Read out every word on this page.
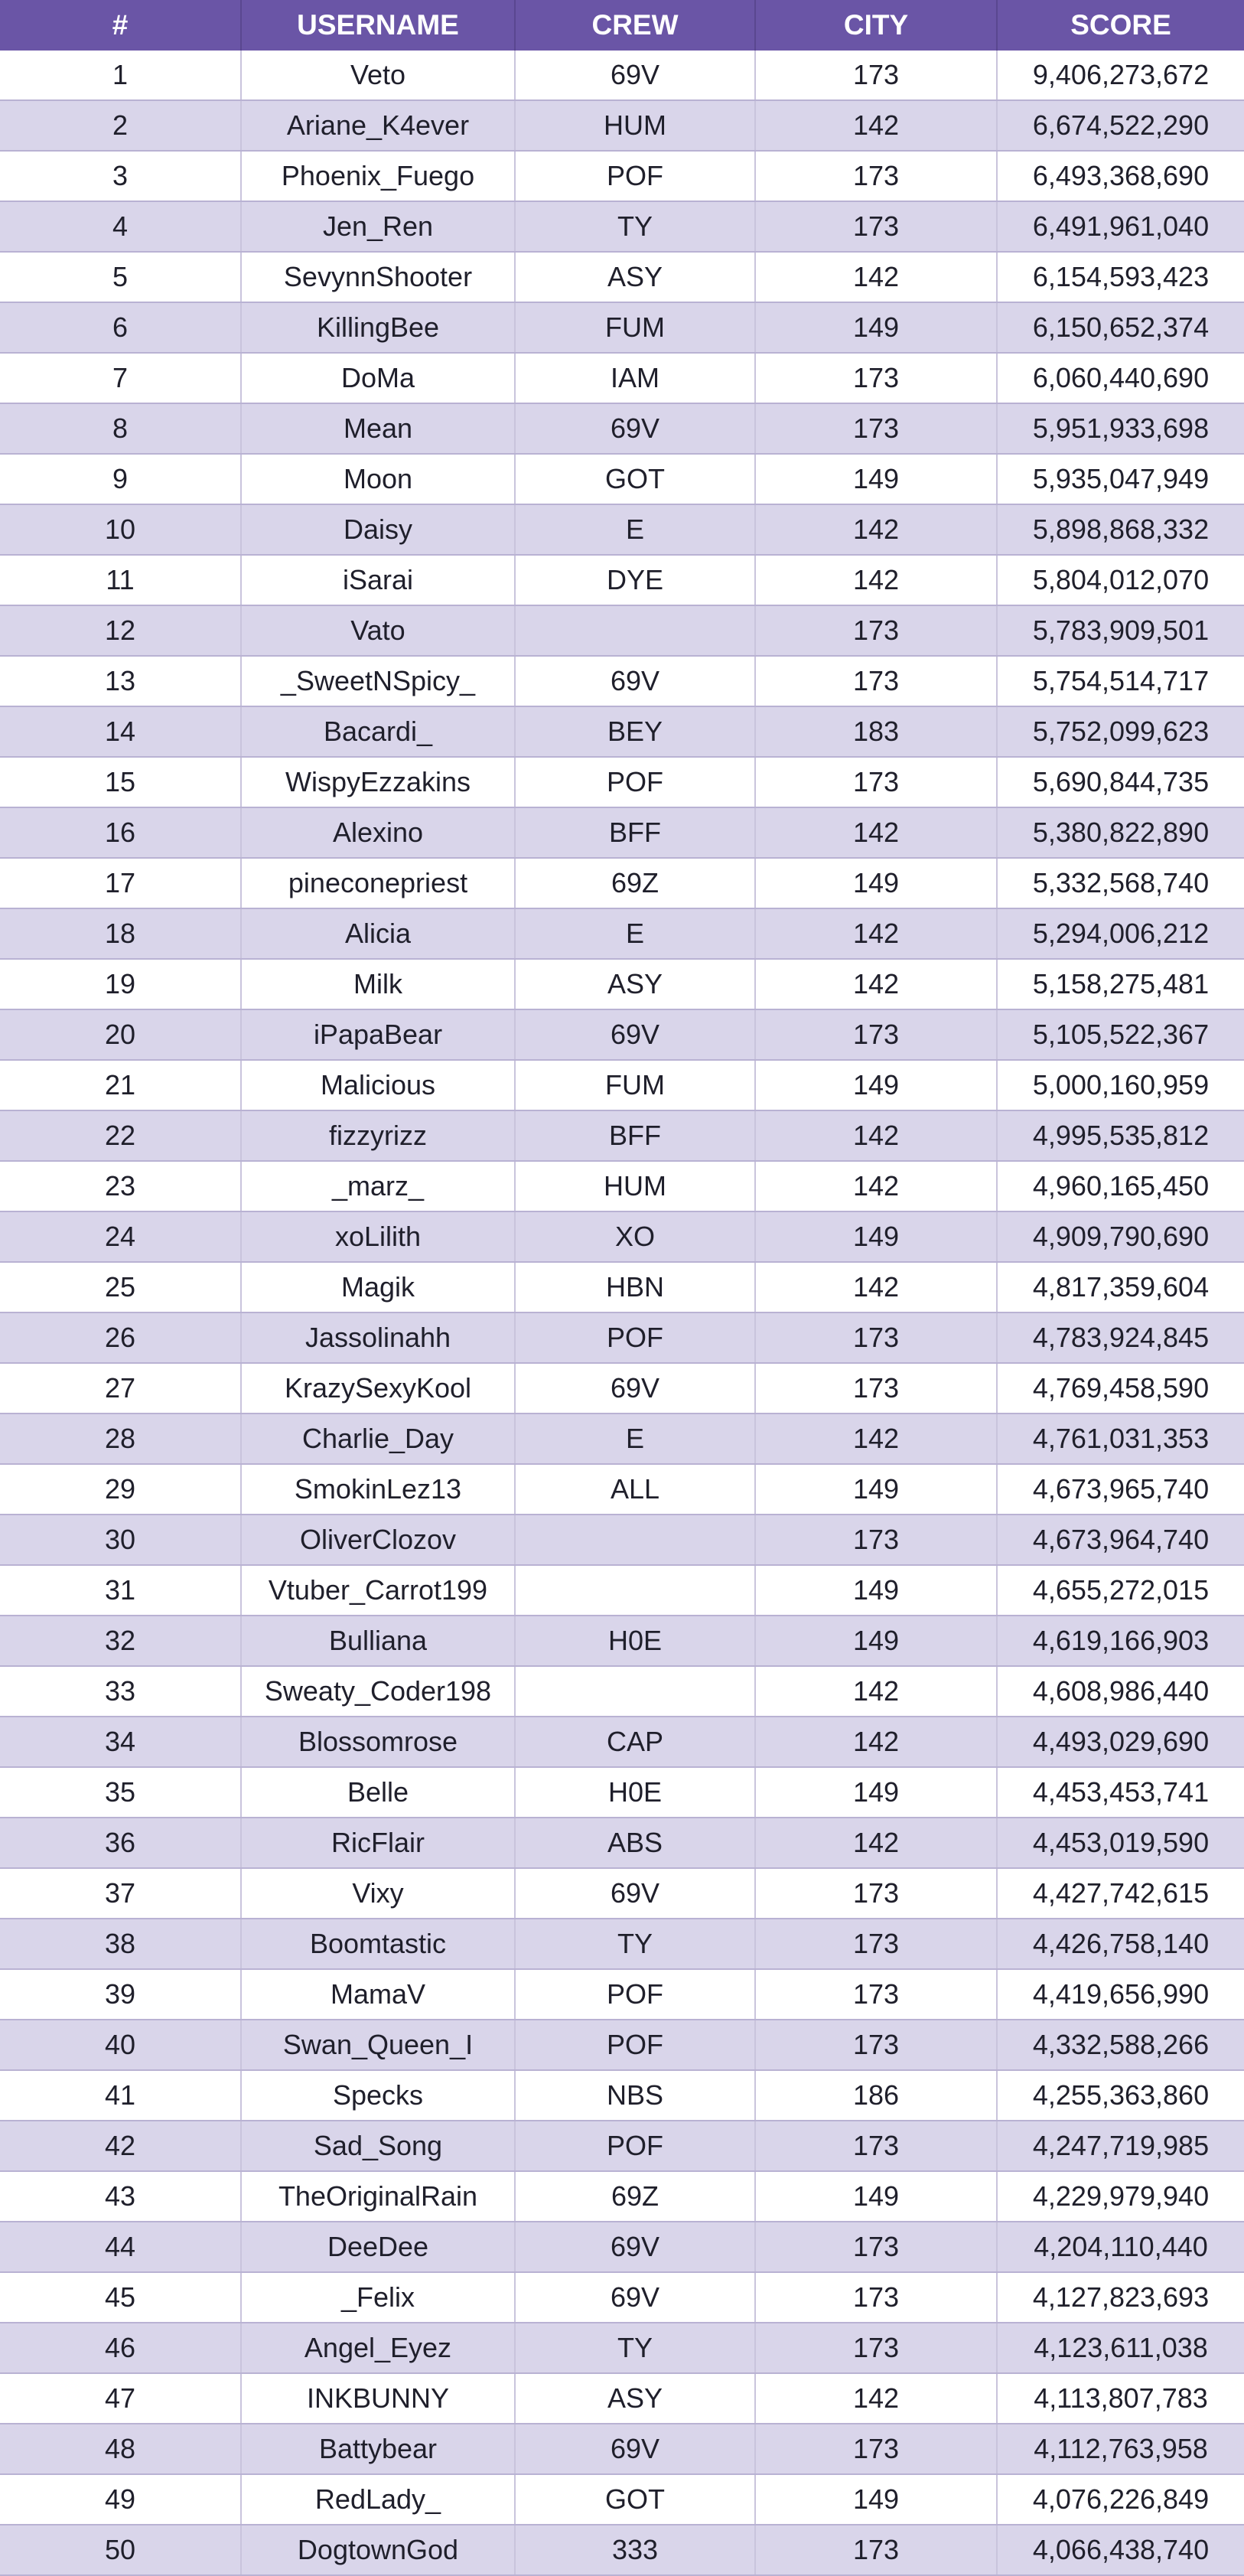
#	USERNAME	CREW	CITY	SCORE
1	Veto	69V	173	9,406,273,672
2	Ariane_K4ever	HUM	142	6,674,522,290
3	Phoenix_Fuego	POF	173	6,493,368,690
4	Jen_Ren	TY	173	6,491,961,040
5	SevynnShooter	ASY	142	6,154,593,423
6	KillingBee	FUM	149	6,150,652,374
7	DoMa	IAM	173	6,060,440,690
8	Mean	69V	173	5,951,933,698
9	Moon	GOT	149	5,935,047,949
10	Daisy	E	142	5,898,868,332
11	iSarai	DYE	142	5,804,012,070
12	Vato		173	5,783,909,501
13	_SweetNSpicy_	69V	173	5,754,514,717
14	Bacardi_	BEY	183	5,752,099,623
15	WispyEzzakins	POF	173	5,690,844,735
16	Alexino	BFF	142	5,380,822,890
17	pineconepriest	69Z	149	5,332,568,740
18	Alicia	E	142	5,294,006,212
19	Milk	ASY	142	5,158,275,481
20	iPapaBear	69V	173	5,105,522,367
21	Malicious	FUM	149	5,000,160,959
22	fizzyrizz	BFF	142	4,995,535,812
23	_marz_	HUM	142	4,960,165,450
24	xoLilith	XO	149	4,909,790,690
25	Magik	HBN	142	4,817,359,604
26	Jassolinahh	POF	173	4,783,924,845
27	KrazySexyKool	69V	173	4,769,458,590
28	Charlie_Day	E	142	4,761,031,353
29	SmokinLez13	ALL	149	4,673,965,740
30	OliverClozov		173	4,673,964,740
31	Vtuber_Carrot199		149	4,655,272,015
32	Bulliana	H0E	149	4,619,166,903
33	Sweaty_Coder198		142	4,608,986,440
34	Blossomrose	CAP	142	4,493,029,690
35	Belle	H0E	149	4,453,453,741
36	RicFlair	ABS	142	4,453,019,590
37	Vixy	69V	173	4,427,742,615
38	Boomtastic	TY	173	4,426,758,140
39	MamaV	POF	173	4,419,656,990
40	Swan_Queen_I	POF	173	4,332,588,266
41	Specks	NBS	186	4,255,363,860
42	Sad_Song	POF	173	4,247,719,985
43	TheOriginalRain	69Z	149	4,229,979,940
44	DeeDee	69V	173	4,204,110,440
45	_Felix	69V	173	4,127,823,693
46	Angel_Eyez	TY	173	4,123,611,038
47	INKBUNNY	ASY	142	4,113,807,783
48	Battybear	69V	173	4,112,763,958
49	RedLady_	GOT	149	4,076,226,849
50	DogtownGod	333	173	4,066,438,740
